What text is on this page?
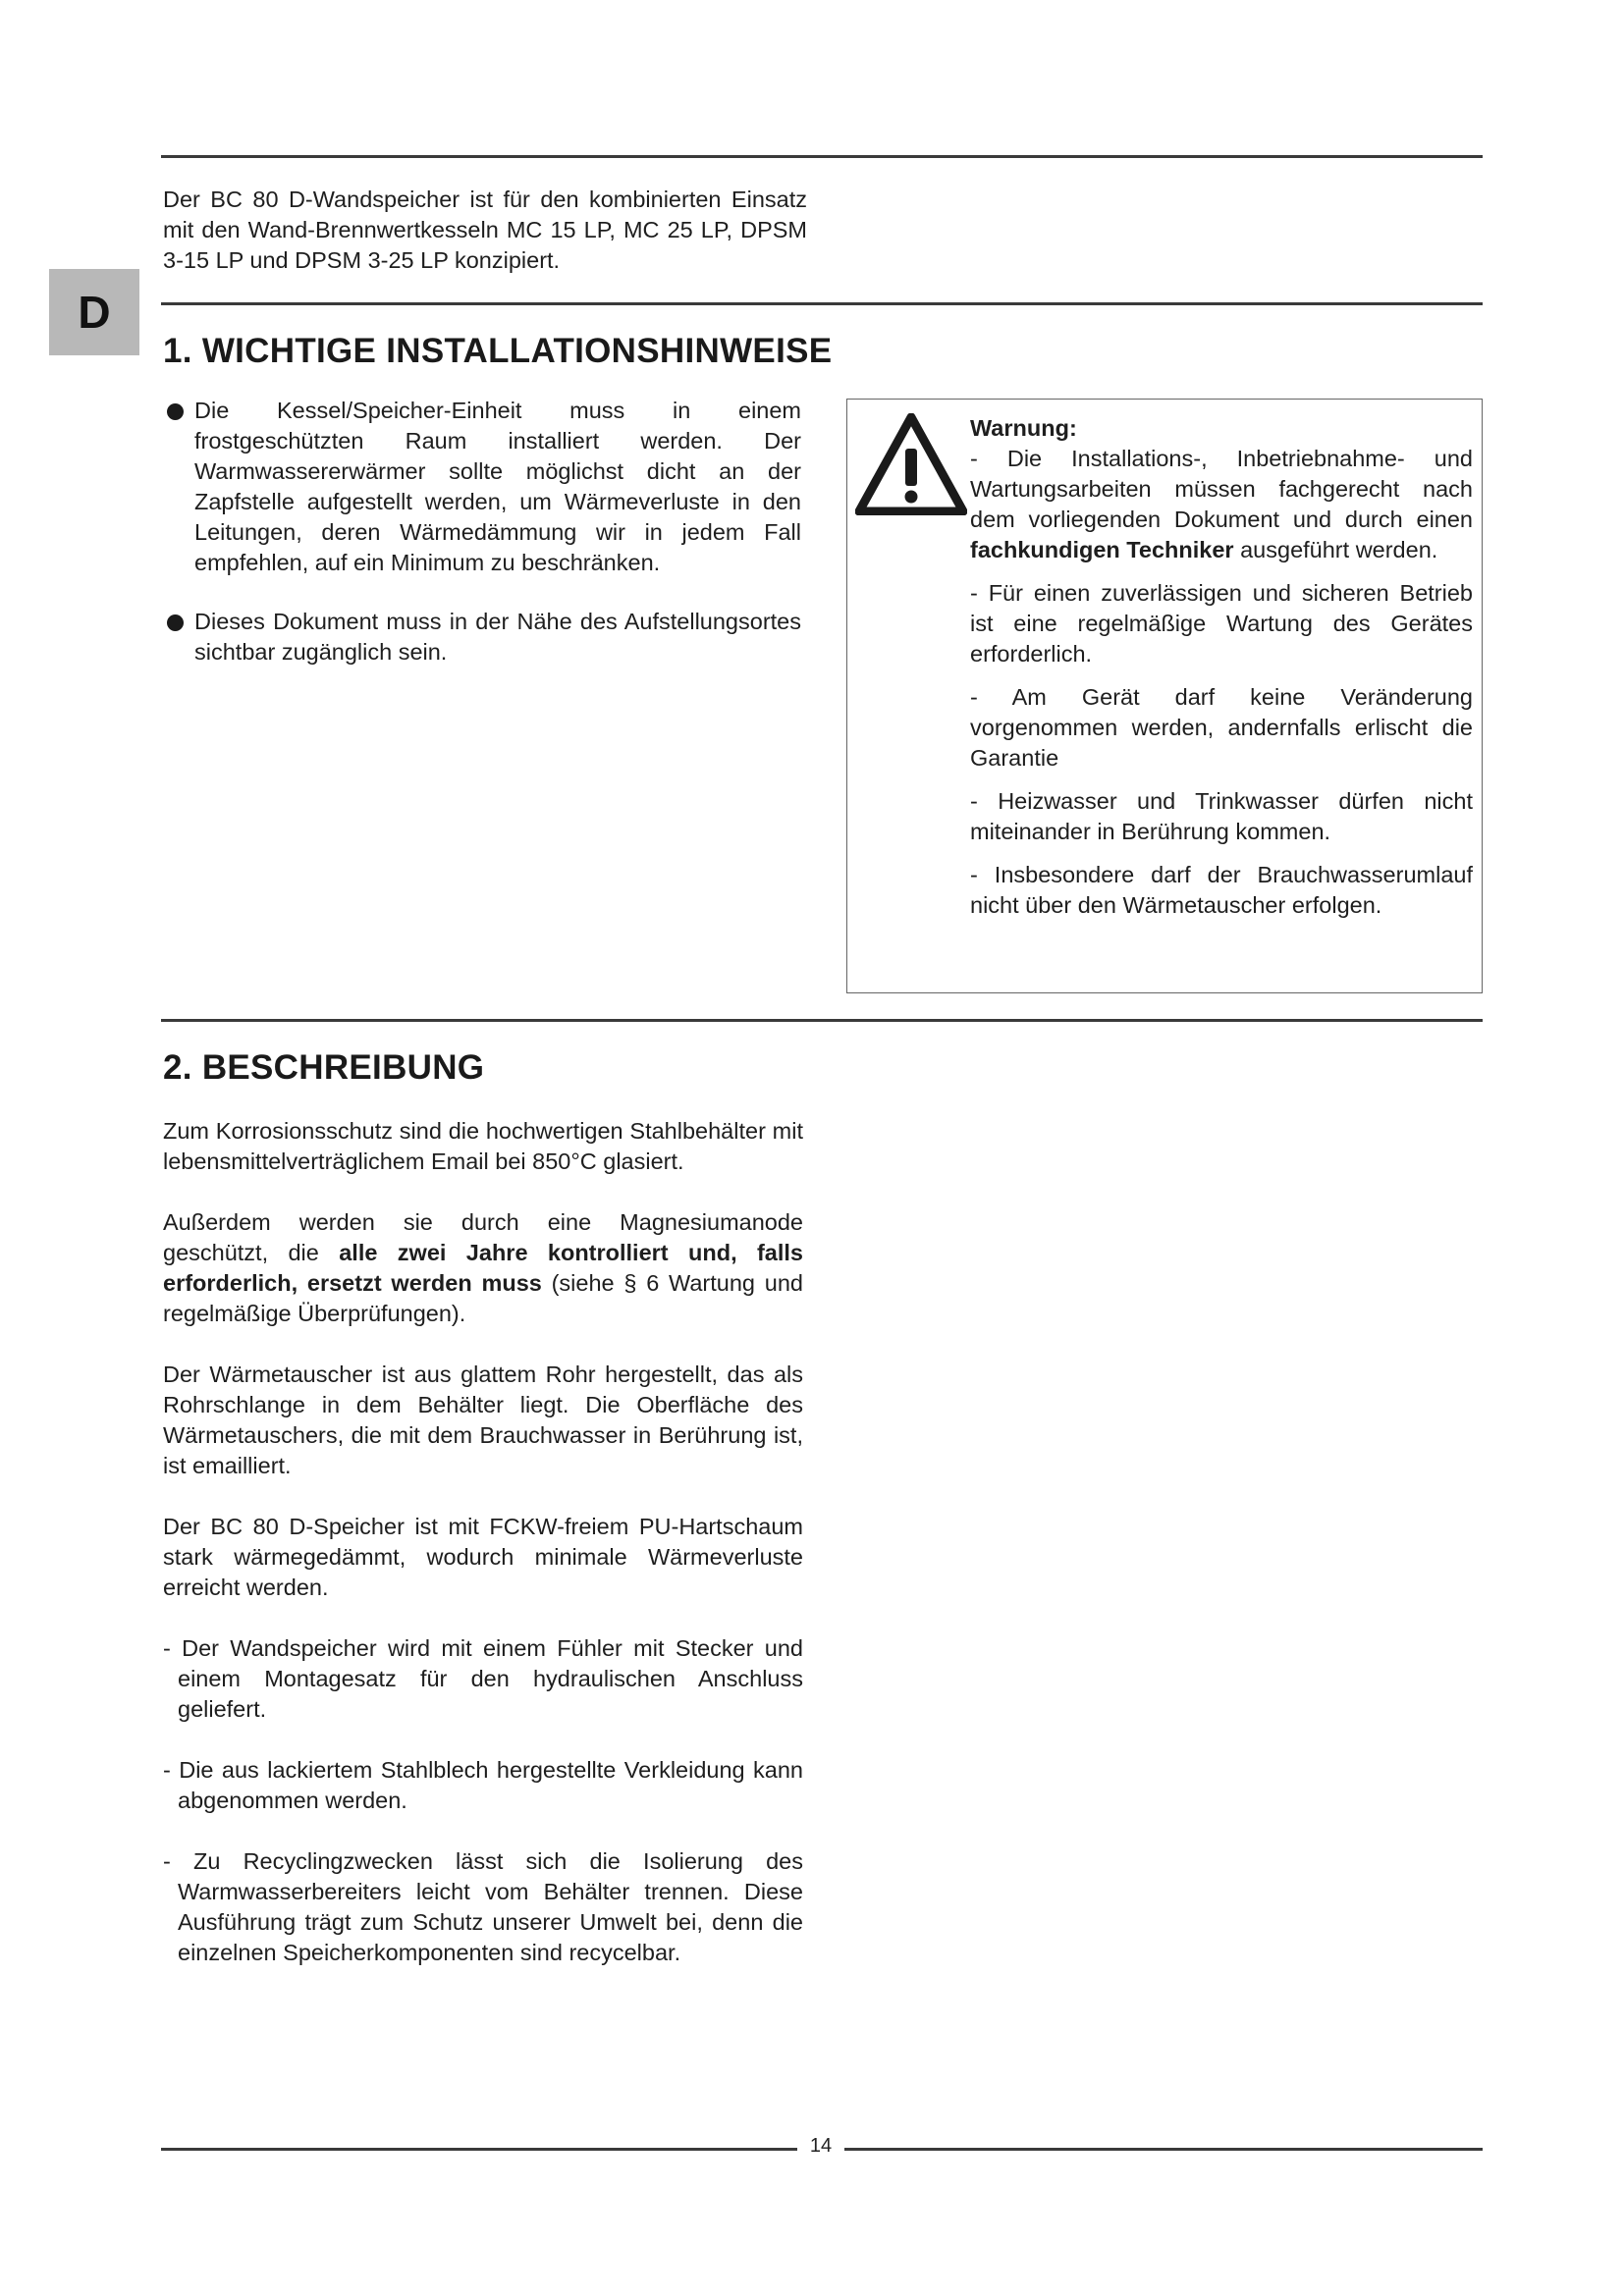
Der BC 80 D-Wandspeicher ist für den kombinierten Einsatz mit den Wand-Brennwertkesseln MC 15 LP, MC 25 LP, DPSM 3-15 LP und DPSM 3-25 LP konzipiert.

D
1. WICHTIGE INSTALLATIONSHINWEISE

Die Kessel/Speicher-Einheit muss in einem frostgeschützten Raum installiert werden. Der Warmwassererwärmer sollte möglichst dicht an der Zapfstelle aufgestellt werden, um Wärmeverluste in den Leitungen, deren Wärmedämmung wir in jedem Fall empfehlen, auf ein Minimum zu beschränken.

Dieses Dokument muss in der Nähe des Aufstellungsortes sichtbar zugänglich sein.

Warnung:

- Die Installations-, Inbetriebnahme- und Wartungsarbeiten müssen fachgerecht nach dem vorliegenden Dokument und durch einen fachkundigen Techniker ausgeführt werden.

- Für einen zuverlässigen und sicheren Betrieb ist eine regelmäßige Wartung des Gerätes erforderlich.

- Am Gerät darf keine Veränderung vorgenommen werden, andernfalls erlischt die Garantie

- Heizwasser und Trinkwasser dürfen nicht miteinander in Berührung kommen.

- Insbesondere darf der Brauchwasserumlauf nicht über den Wärmetauscher erfolgen.

2. BESCHREIBUNG

Zum Korrosionsschutz sind die hochwertigen Stahlbehälter mit lebensmittelverträglichem Email bei 850°C glasiert.

Außerdem werden sie durch eine Magnesiumanode geschützt, die alle zwei Jahre kontrolliert und, falls erforderlich, ersetzt werden muss (siehe § 6 Wartung und regelmäßige Überprüfungen).

Der Wärmetauscher ist aus glattem Rohr hergestellt, das als Rohrschlange in dem Behälter liegt. Die Oberfläche des Wärmetauschers, die mit dem Brauchwasser in Berührung ist, ist emailliert.

Der BC 80 D-Speicher ist mit FCKW-freiem PU-Hartschaum stark wärmegedämmt, wodurch minimale Wärmeverluste erreicht werden.

- Der Wandspeicher wird mit einem Fühler mit Stecker und einem Montagesatz für den hydraulischen Anschluss geliefert.

- Die aus lackiertem Stahlblech hergestellte Verkleidung kann abgenommen werden.

- Zu Recyclingzwecken lässt sich die Isolierung des Warmwasserbereiters leicht vom Behälter trennen. Diese Ausführung trägt zum Schutz unserer Umwelt bei, denn die einzelnen Speicherkomponenten sind recycelbar.

14
